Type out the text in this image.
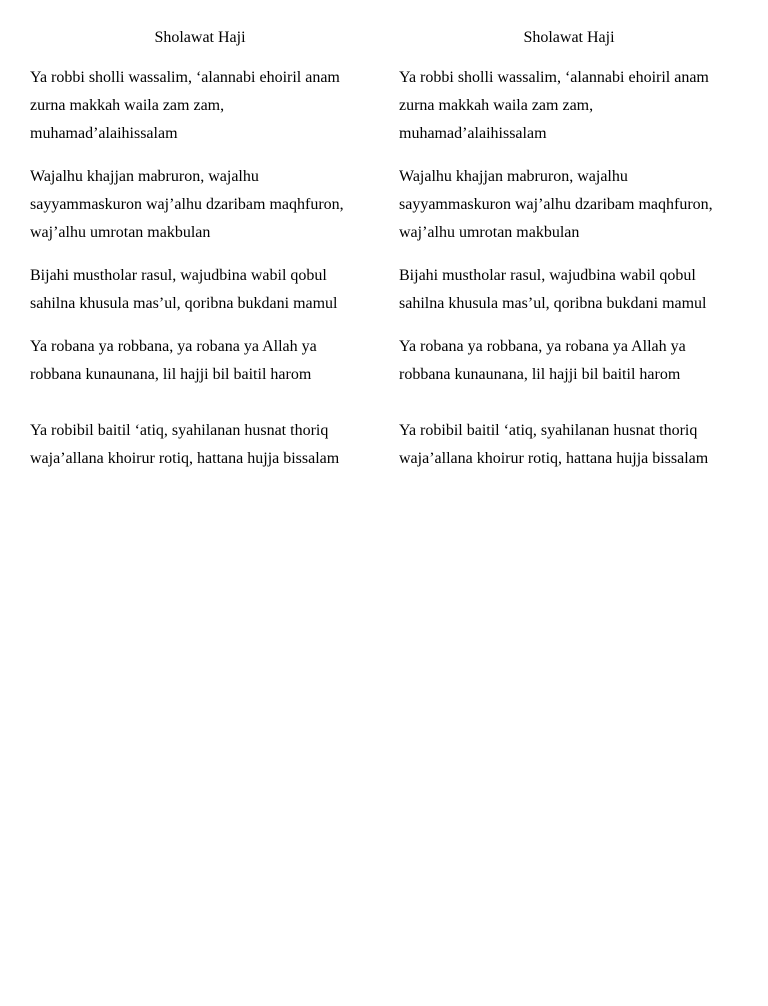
Sholawat Haji

Ya robbi sholli wassalim, ‘alannabi ehoiril anam zurna makkah waila zam zam, muhamad’alaihissalam

Wajalhu khajjan mabruron, wajalhu sayyammaskuron waj’alhu dzaribam maqhfuron, waj’alhu umrotan makbulan

Bijahi mustholar rasul, wajudbina wabil qobul sahilna khusula mas’ul, qoribna bukdani mamul

Ya robana ya robbana, ya robana ya Allah ya robbana kunaunana, lil hajji bil baitil harom

Ya robibil baitil ‘atiq, syahilanan husnat thoriq waja’allana khoirur rotiq, hattana hujja bissalam

Sholawat Haji

Ya robbi sholli wassalim, ‘alannabi ehoiril anam zurna makkah waila zam zam, muhamad’alaihissalam

Wajalhu khajjan mabruron, wajalhu sayyammaskuron waj’alhu dzaribam maqhfuron, waj’alhu umrotan makbulan

Bijahi mustholar rasul, wajudbina wabil qobul sahilna khusula mas’ul, qoribna bukdani mamul

Ya robana ya robbana, ya robana ya Allah ya robbana kunaunana, lil hajji bil baitil harom

Ya robibil baitil ‘atiq, syahilanan husnat thoriq waja’allana khoirur rotiq, hattana hujja bissalam
